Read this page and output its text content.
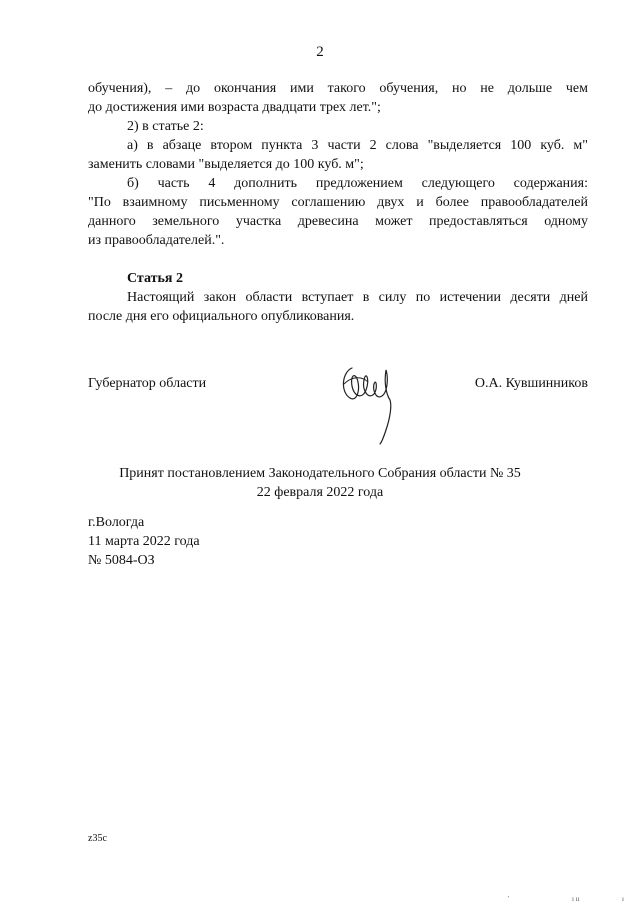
2

обучения), – до окончания ими такого обучения, но не дольше чем

до достижения ими возраста двадцати трех лет.";

2) в статье 2:

а) в абзаце втором пункта 3 части 2 слова "выделяется 100 куб. м"

заменить словами "выделяется до 100 куб. м";

б) часть 4 дополнить предложением следующего содержания:

"По взаимному письменному соглашению двух и более правообладателей

данного земельного участка древесина может предоставляться одному

из правообладателей.".

Статья 2

Настоящий закон области вступает в силу по истечении десяти дней

после дня его официального опубликования.

Губернатор области	О.А. Кувшинников
Принят постановлением Законодательного Собрания области № 35
22 февраля 2022 года
г.Вологда
11 марта 2022 года
№ 5084-ОЗ
z35c
'	ı ıı	ı
